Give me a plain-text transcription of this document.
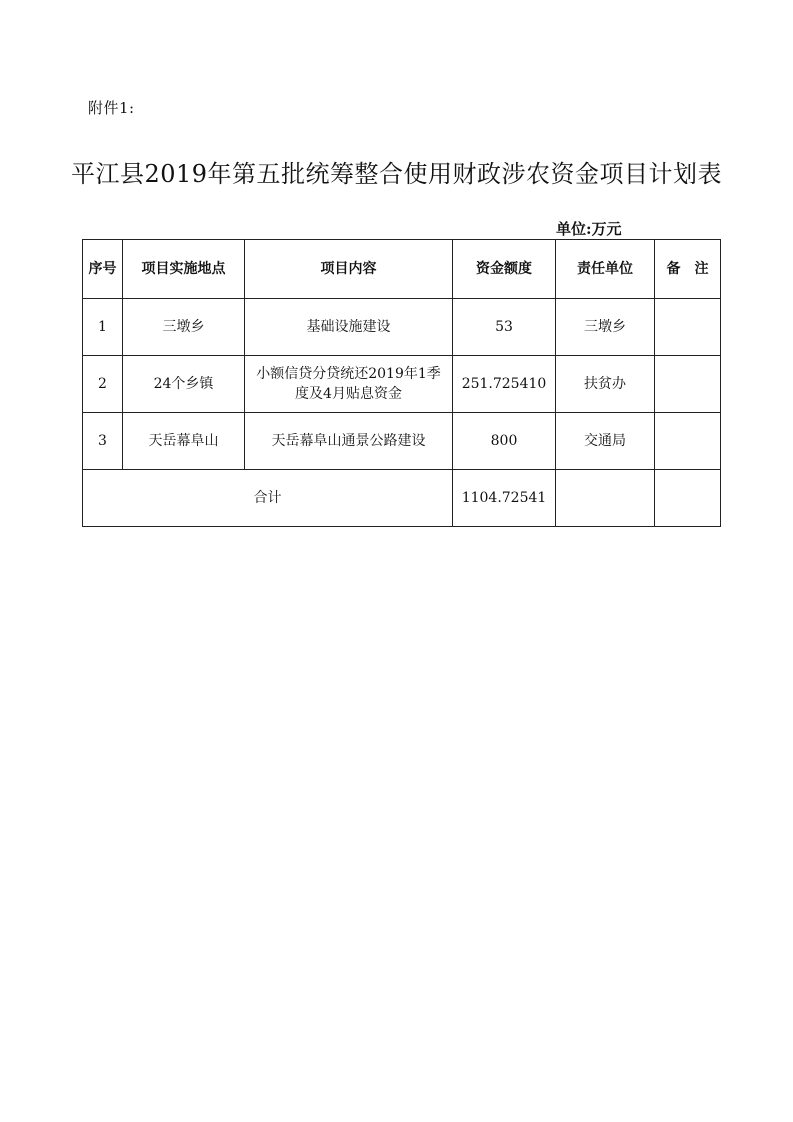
附件1:
平江县2019年第五批统筹整合使用财政涉农资金项目计划表
单位:万元
序号	项目实施地点	项目内容	资金额度	责任单位	备　注
1	三墩乡	基础设施建设	53	三墩乡	
2	24个乡镇	小额信贷分贷统还2019年1季
度及4月贴息资金	251.725410	扶贫办	
3	天岳幕阜山	天岳幕阜山通景公路建设	800	交通局	
合计			1104.72541		
